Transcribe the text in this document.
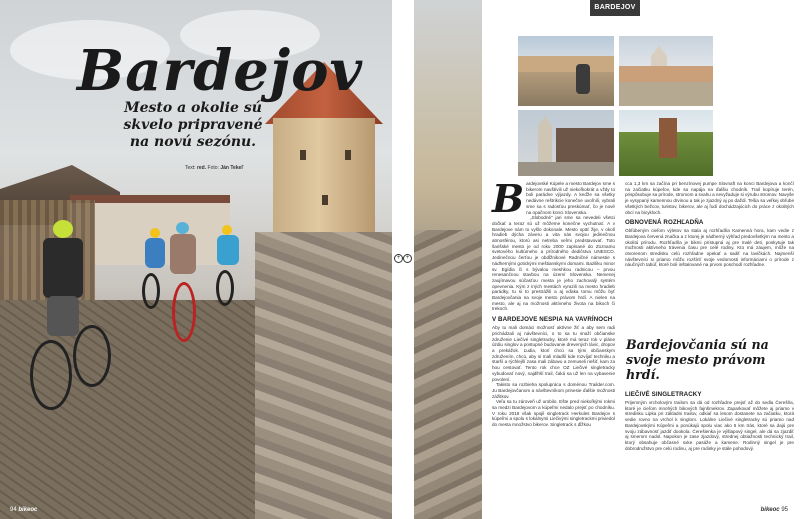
Bardejov
Mesto a okolie sú skvelo pripravené na novú sezónu.
Text: red. Foto: Ján Tekeľ
94 bikeoc
+ +
BARDEJOV
B ardejovské Kúpele a mesto Bardejov sme s bikerom navštívili už niekoľkokrát a vždy to boli parádne výjazdy. A keďže sa všetky nedávne reštrikcie konečne uvoľnili, vybrali sme sa s radosťou preskúmať, čo je nové na opačnom konci Slovenska.

„Slobodné“ jari sme sa nevedeli všetci dočkať a teraz sú už môžeme konečne vychutnať. A v Bardejove nám to vyšlo dokonale. Mesto opäť žije, v okolí hradieb dýcha záveru a vita nás svojou jedinečnou atmosférou, ktorú asi netreba veľmi predstavovať. Toto šarišské mesto je od roku 2000 zapísané do Zoznamu svetového kultúrneho a prírodného dedičstva UNESCO. Jedinečnou čerťou je obdĺžnikové Radničné námestie s nádhernými gotickými meštianskymi domami. Baziliku minor sv. Egídia či s bývalou meshkou radnicou – prvou renesančnou stavbou na území Slovenska. Nemenej zaujímavou súčasťou mesta je jeho zachovalý systém opevnenia. Kým z iných mestách vyrazili na mesto hradieb parádky, tu si to prestrážili a aj vďaka tomu môžu byť Bardejovčania na svoje mesto právom hrdí. A nielen na mesto, ale aj na možnosti aktívneho života na bikoch či trekoch.

V BARDEJOVE NESPIA NA VAVRÍNOCH

Aby tu mali domáci možnosť aktívne žiť a aby sem radi prichádzali aj návštevníci, o to sa tu snaží občianske združenie Liečivé singletracky, ktoré má teraz rok v pláne úzdiu singlov a postupné budovanie drevených lávic, dropov a prekážok. Ľudia, ktorí chcú sa tými občianskym združením, chcú, aby si mali mladší kde rozvíjať techniku a starší a rýchlejší zasa mali zábavu a zemuseli riešiť, kam za hou cestovať. Tento rok chce OZ Liečivé singletracky vybudovať nový, najdlhší trail, čaká sa už len na vybavenie povolení.

Takisto sa rozbieha spolupráca s doménou Trailder.com. Ju Bardejovčanom a návštevníkom prinesie ďalšie možnosti zážitkov.

Veľa sa tu zároveň už urobilo. Ešte pred niekoľkými rokmi sa medzi Bardejovom a kúpeľmi nedalo prejsť po chodníku. V roku 2018 však spojil singletrack Herkules Bardejov s kúpeľmi a spolu s lokálnymi Liečivými singletrackmi priviedol do mesta množstvo bikerov. Singletrack s dĺžkou

cca 1,3 km sa začína pri benzínovej pumpe Slovnaft na konci Bardejova a končí na začiatku kúpeľov, kde sa napája na ďalšiu chodník. Trail kopíruje terén, prispôsobuje sa prírode, stromom a svahu a nevyžaduje si výrubu stromov. Navyše je vysypaný kamennou drvinou a tak je zjazdný aj po daždi. Tešia sa veľkej obľube všetkých bežcov, turistov, bikerov, ale aj ľudí dochádzajúcich do práce z okolitých obcí na bicykloch.

OBNOVENÁ ROZHĽADŇA

Obľúbeným cieľom výletov sa stala aj rozhľadňa Kamenná hora, kam vedie z Bardejova červená značka a z ktorej je nádherný výhľad predovšetkým na mesto a okolitú prírodu. Rozhľadňa je bikmi prístupná aj pre malé deti, poskytuje tak možnosti aktívneho trávenia času pre celé rodiny. Kto má záujem, môže na otvorenom stredisku celú rozhľadne opekať a sadiť na lavičkách. Najmenší návštevníci si priamo môžu rozšíriť svoje vedomosti informáciami o prírode z náučných tabúľ, ktoré boli inštalované na prvom poschodí rozhľadne.

Bardejovčania sú na svoje mesto právom hrdí.
LIEČIVÉ SINGLETRACKY

Prijemným vrcholovým trailom sa dá od rozhľadne prejsť až do sedla Čerešňa, ktoré je cieľom mnohých bikových fajnšmekrov. Zaparkovať môžete aj priamo v stredisku Lipka pri základni trailov, odkiaľ sa lesom dostanete na začiatku, ktorá vedie rovno na vrchol k singlom. Lokálne Liečivé singletracky sú priamo nad Bardejovskými Kúpeľmi a ponúkajú spolu viac ako 6 km trás, ktoré sa dajú pre svoju zábavnosť jazdiť dookola. Čerešienka je výšlapový singel, ale dá sa zjazdiť aj smerom nadol. Napokon je zase zjazdový, strednej obtiažnosti technický trail, ktorý obsahuje občasné sxke pasáže a kamene. Rodinný singel je pre dobrodružstvo pre celú rodinu, aj pre rodinky je stále pohodový.

bikeoc 95
